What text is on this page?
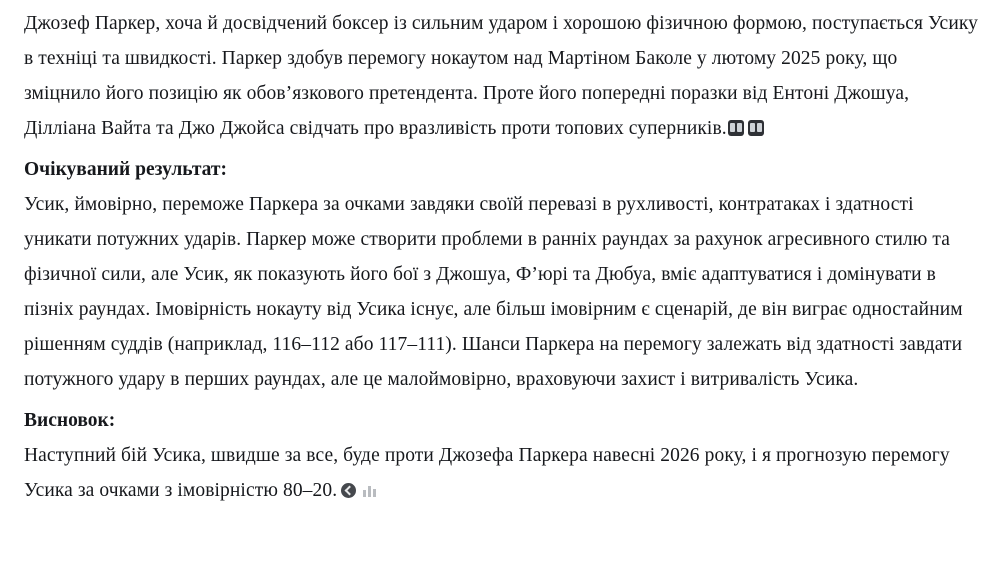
Джозеф Паркер, хоча й досвідчений боксер із сильним ударом і хорошою фізичною формою, поступається Усику в техніці та швидкості. Паркер здобув перемогу нокаутом над Мартіном Баколе у лютому 2025 року, що зміцнило його позицію як обов’язкового претендента. Проте його попередні поразки від Ентоні Джошуа, Діллiана Вайта та Джо Джойса свідчать про вразливість проти топових суперників.

Очікуваний результат:

Усик, ймовірно, переможе Паркера за очками завдяки своїй перевазі в рухливості, контратаках і здатності уникати потужних ударів. Паркер може створити проблеми в ранніх раундах за рахунок агресивного стилю та фізичної сили, але Усик, як показують його бої з Джошуа, Ф’юрі та Дюбуа, вміє адаптуватися і домінувати в пізніх раундах. Імовірність нокауту від Усика існує, але більш імовірним є сценарій, де він виграє одностайним рішенням суддів (наприклад, 116–112 або 117–111). Шанси Паркера на перемогу залежать від здатності завдати потужного удару в перших раундах, але це малоймовірно, враховуючи захист і витривалість Усика.

Висновок:

Наступний бій Усика, швидше за все, буде проти Джозефа Паркера навесні 2026 року, і я прогнозую перемогу Усика за очками з імовірністю 80–20.
